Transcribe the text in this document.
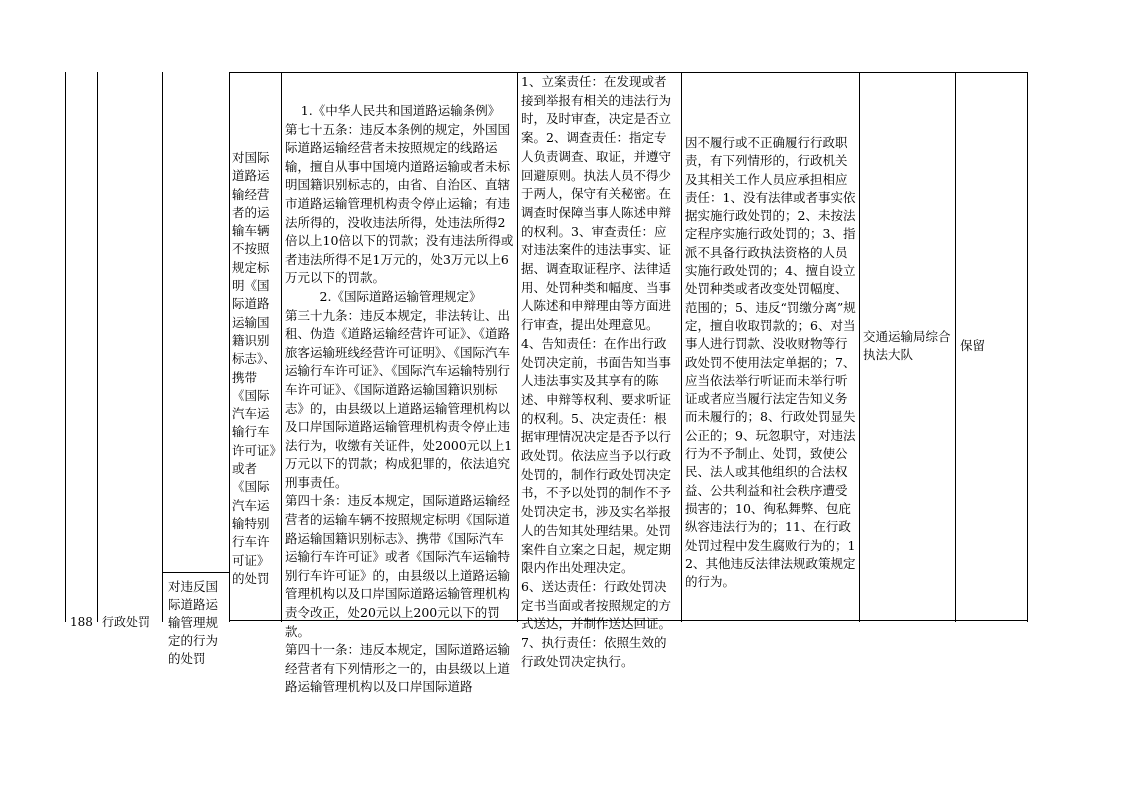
188 行政处罚

对违反国际道路运输管理规定的行为的处罚

对国际道路运输经营者的运输车辆不按照规定标明《国际道路运输国籍识别标志》、携带《国际汽车运输行车许可证》或者《国际汽车运输特别行车许可证》的处罚

1.《中华人民共和国道路运输条例》

第七十五条：违反本条例的规定，外国国际道路运输经营者未按照规定的线路运输，擅自从事中国境内道路运输或者未标明国籍识别标志的，由省、自治区、直辖市道路运输管理机构责令停止运输；有违法所得的，没收违法所得，处违法所得2倍以上10倍以下的罚款；没有违法所得或者违法所得不足1万元的，处3万元以上6万元以下的罚款。

2.《国际道路运输管理规定》

第三十九条：违反本规定，非法转让、出租、伪造《道路运输经营许可证》、《道路旅客运输班线经营许可证明》、《国际汽车运输行车许可证》、《国际汽车运输特别行车许可证》、《国际道路运输国籍识别标志》的，由县级以上道路运输管理机构以及口岸国际道路运输管理机构责令停止违法行为，收缴有关证件，处2000元以上1万元以下的罚款；构成犯罪的，依法追究刑事责任。

第四十条：违反本规定，国际道路运输经营者的运输车辆不按照规定标明《国际道路运输国籍识别标志》、携带《国际汽车运输行车许可证》或者《国际汽车运输特别行车许可证》的，由县级以上道路运输管理机构以及口岸国际道路运输管理机构责令改正，处20元以上200元以下的罚款。

第四十一条：违反本规定，国际道路运输经营者有下列情形之一的，由县级以上道路运输管理机构以及口岸国际道路

1、立案责任：在发现或者接到举报有相关的违法行为时，及时审查，决定是否立案。2、调查责任：指定专人负责调查、取证，并遵守回避原则。执法人员不得少于两人，保守有关秘密。在调查时保障当事人陈述申辩的权利。3、审查责任：应对违法案件的违法事实、证据、调查取证程序、法律适用、处罚种类和幅度、当事人陈述和申辩理由等方面进行审查，提出处理意见。4、告知责任：在作出行政处罚决定前，书面告知当事人违法事实及其享有的陈述、申辩等权利、要求听证的权利。5、决定责任：根据审理情况决定是否予以行政处罚。依法应当予以行政处罚的，制作行政处罚决定书，不予以处罚的制作不予处罚决定书，涉及实名举报人的告知其处理结果。处罚案件自立案之日起，规定期限内作出处理决定。
6、送达责任：行政处罚决定书当面或者按照规定的方式送达，并制作送达回证。7、执行责任：依照生效的行政处罚决定执行。

因不履行或不正确履行行政职责，有下列情形的，行政机关及其相关工作人员应承担相应责任：1、没有法律或者事实依据实施行政处罚的；2、未按法定程序实施行政处罚的；3、指派不具备行政执法资格的人员实施行政处罚的；4、擅自设立处罚种类或者改变处罚幅度、范围的；5、违反“罚缴分离”规定，擅自收取罚款的；6、对当事人进行罚款、没收财物等行政处罚不使用法定单据的；7、应当依法举行听证而未举行听证或者应当履行法定告知义务而未履行的；8、行政处罚显失公正的；9、玩忽职守，对违法行为不予制止、处罚，致使公民、法人或其他组织的合法权益、公共利益和社会秩序遭受损害的；10、徇私舞弊、包庇纵容违法行为的；11、在行政处罚过程中发生腐败行为的；12、其他违反法律法规政策规定的行为。

交通运输局综合执法大队

保留
